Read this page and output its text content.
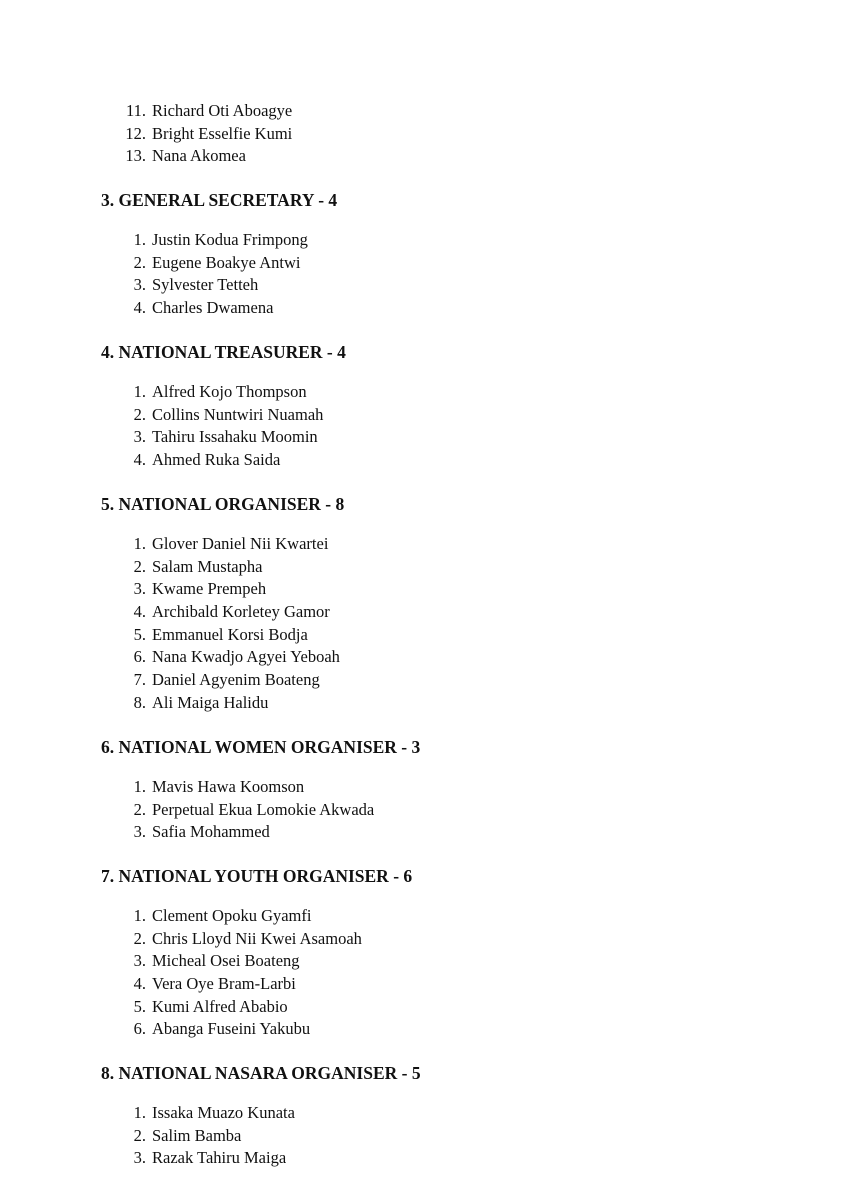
11. Richard Oti Aboagye
12. Bright Esselfie Kumi
13. Nana Akomea
3. GENERAL SECRETARY - 4
1. Justin Kodua Frimpong
2. Eugene Boakye Antwi
3. Sylvester Tetteh
4. Charles Dwamena
4. NATIONAL TREASURER - 4
1. Alfred Kojo Thompson
2. Collins Nuntwiri Nuamah
3. Tahiru Issahaku Moomin
4. Ahmed Ruka Saida
5. NATIONAL ORGANISER - 8
1. Glover Daniel Nii Kwartei
2. Salam Mustapha
3. Kwame Prempeh
4. Archibald Korletey Gamor
5. Emmanuel Korsi Bodja
6. Nana Kwadjo Agyei Yeboah
7. Daniel Agyenim Boateng
8. Ali Maiga Halidu
6. NATIONAL WOMEN ORGANISER - 3
1. Mavis Hawa Koomson
2. Perpetual Ekua Lomokie Akwada
3. Safia Mohammed
7. NATIONAL YOUTH ORGANISER - 6
1. Clement Opoku Gyamfi
2. Chris Lloyd Nii Kwei Asamoah
3. Micheal Osei Boateng
4. Vera Oye Bram-Larbi
5. Kumi Alfred Ababio
6. Abanga Fuseini Yakubu
8. NATIONAL NASARA ORGANISER - 5
1. Issaka Muazo Kunata
2. Salim Bamba
3. Razak Tahiru Maiga
